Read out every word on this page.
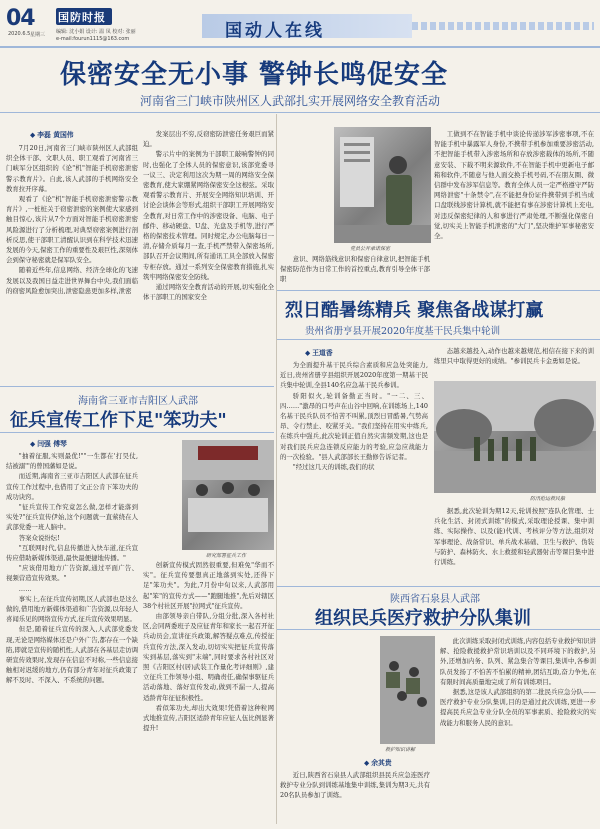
04
2020.6.5 星期三
国防时报
编辑: 沈小娟 设计: 温 凤 校对: 张丽
e-mail:fourun1115@163.com	国动人在线
保密安全无小事 警钟长鸣促安全
河南省三门峡市陕州区人武部扎实开展网络安全教育活动
◆ 李磊 黄国伟

7月20日,河南省三门峡市陕州区人武部组织全体干部、文职人员、职工观看了河南省三门峡军分区组织的《论"机"智能手机窃密泄密警示教育片》。自此,该人武部的手机网络安全教育拉开序幕。

观看了《论"机"智能手机窃密泄密警示教育片》,一桩桩关于窃密泄密的案例使大家感到触目惊心,该片从7个方面对智能手机窃密泄密风险源进行了分析梳理,对典型窃密案例进行剖析反思,使干部职工清醒认识到在科学技术迅速发展的今天,保密工作的重要性及艰巨性,深刻体会到保守秘密就是保军队安全。

随着近些年,信息网络、经济全球化的飞速发展以及我国日益走进世界舞台中央,我们面临的窃密风险愈加突出,泄密隐患更加多样,泄密

发案层出不穷,反窃密防泄密任务艰巨而紧迫。

警示片中的案例为干部职工敲响警钟的同时,也强化了全体人员的保密意识,该部党委寻一议三、决定利用这次为期一周的网络安全保密教育,使大家绷紧网络保密安全这根弦。采取观看警示教育片、开展安全网络知识培训、开讨论会谈体会等形式,组织干部职工开展网络安全教育,对日常工作中的涉密设备、电脑、电子邮件、移动硬盘、U盘、光盘及手机等,进行严格的保密技术管理。同时规定,办公电脑每日一清,存储介质每月一查,手机严禁带入保密场所,部队召开会议期间,所有通讯工具全部放入保密专柜存放。通过一系列安全保密教育措施,扎实筑牢网络保密安全防线。

通过网络安全教育活动的开展,切实强化全体干部职工的国家安全

党员公开承诺保密

意识、网络筋线意识和保密自律意识,把智能手机保密防范作为日常工作的首控重点,教育引导全体干部职

工做到不在智能手机中谈论传递涉军涉密事项,不在智能手机中暴露军人身份,不携带手机参加重要涉密活动,不把智能手机带入涉密场所和存放涉密载体的场所,不随意安装、下载不明来源软件,不在智能手机中更新电子邮箱和软件,不随意与他人面交换手机号码,不在朋友圈、微信群中发布涉军信息等。教育全体人员一定严格遵守严防网络泄密"十条禁令",在不能把身份证件携带到手机当成口盘联线涉密计算机,就不能把有事在涉密计算机上充电,对违反保密纪律的人和事进行严肃处理,不断强化保密自觉,切实关上智能手机泄密的"大门",坚决维护军事秘密安全。

烈日酷暑练精兵 聚焦备战谋打赢
贵州省册亨县开展2020年度基干民兵集中轮训
◆ 王道香

为全面提升基干民兵综合素质和应急处突能力,近日,贵州省册亨县组织开展2020年度第一期基干民兵集中轮训,全县140名应急基干民兵参训。

骄阳似火,轮训备勤正当时。"一二、三、四……"激昂的口号声在山谷中回响,在训练场上,140名基干民兵队员不怕苦不叫累,顶烈日冒酷暑,气势高昂、令行禁止、咬紧牙关。"我们坚持在用实中练兵,在练兵中强兵,此次轮训正值自然灾害频发期,这也是对我们民兵应急连锁反应能力的考验,应急应战能力的一次检验。"县人武部部长王勤修告诉记者。

"经过这几天的训练,我们的状

态越来越投入,动作也越来越规范,相信在接下来的训练里只中取得更好的成绩。"参训民兵卡金勇如是说。

防汛抢运救民船

据悉,此次轮训为期12天,轮训按照"连队化管理、士兵化生活、封闭式训练"的模式,采取理论授课、集中训练、实际操作、以及(能)代训、考核评分等方法,组织对军事理论、战备常识、单兵战术基础、卫生与救护、伪装与防护、森林防火、水上救援和轻武器射击等课目集中进行训练。

海南省三亚市吉阳区人武部
征兵宣传工作下足"笨功夫"
◆ 闫强 傅琴

"抽着征服,实则最优!""一生都在'打昊仗,结被溺'"的曾国藩如是说。

而近期,海南省三亚市吉阳区人武部在征兵宣传工作过程中,也借用了文正公肯下笨功夫的成功诀窍。

"征兵宣传工作究竟怎么做,怎样才能落到实处?"征兵宣传伊始,这个问题就一直萦绕在人武部党委一班人脑中。

答案众说纷纭!

"互联网时代,信息传播进入快车道,征兵宣传应借助新媒体渠道,最快最便捷地传播。"

"应该借用地方广告资源,通过平面广告、视频营造宣传效果。"

……

事实上,在征兵宣传初期,区人武部也是这么做的,借用地方新媒体渠道和广告资源,以年轻人喜闻乐见的网络宣传方式,征兵宣传效果明显。

但是,随着征兵宣传的深入,人武部党委发现,无论是网络媒体还是户外广告,都存在一个缺陷,即就是宣传的随机性,人武部在各基层走访调研宣传效果时,发现存在信息不对称,一些信息接触相对迟缓的地方,仍有部分青年对征兵政策了解不及时、不深入、不系统的问题。

研究部署征兵工作

创新宣传模式固然很重要,但难免"华而不实"。征兵宣传要想真正地落到实处,还得下足"笨功夫"。为此,7月份中旬以来,人武部用起"笨"的宣传方式——"跑腿地推",先后对辖区38个村社区开展"拉网式"征兵宣传。

由部领导亲自带队,分组分批,深入各村社区,会同两委班子及应征青年和家长一起召开征兵动员会,宣讲征兵政策,解答疑点难点,传授征兵宣传方法,深入发动,切切实实把征兵宣传落实到基层,落实到"末端",同时要求各村社区对照《吉阳区村(居)武装工作量化考评细则》,建立征兵工作领导小组、明确责任,确保事驱征兵活动落地、落好宣传发动,做到不漏一人,提高适龄青年征征积极性。

看似笨功夫,却出大效果!凭借着这种粒网式地推宣传,吉阳区适龄青年应征人伍比例显著提升!

陕西省石泉县人武部
组织民兵医疗救护分队集训
救护知识讲解
◆ 余其贵

近日,陕西省石泉县人武部组织县民兵应急连医疗救护专业分队到训练基地集中训练,集训为期3天,共有20名队员参加了训练。

此次训练采取封闭式训练,内容包括专业救护知识讲解、抢险救援救护常识培训以及不同环境下的救护,另外,还增加内务、队列、紧急集合等课目,集训中,各参训队员发扬了不怕苦不怕累的精神,团结互助,奋力争先,在有限时间高质量地完成了所有训练项目。

据悉,这是该人武部组织的第二批民兵应急分队——医疗救护专业分队集训,目的是通过此次训练,更进一步提高民兵应急专业分队全员的军事素质、抢险救灾的实战能力和服务人民的意识。
